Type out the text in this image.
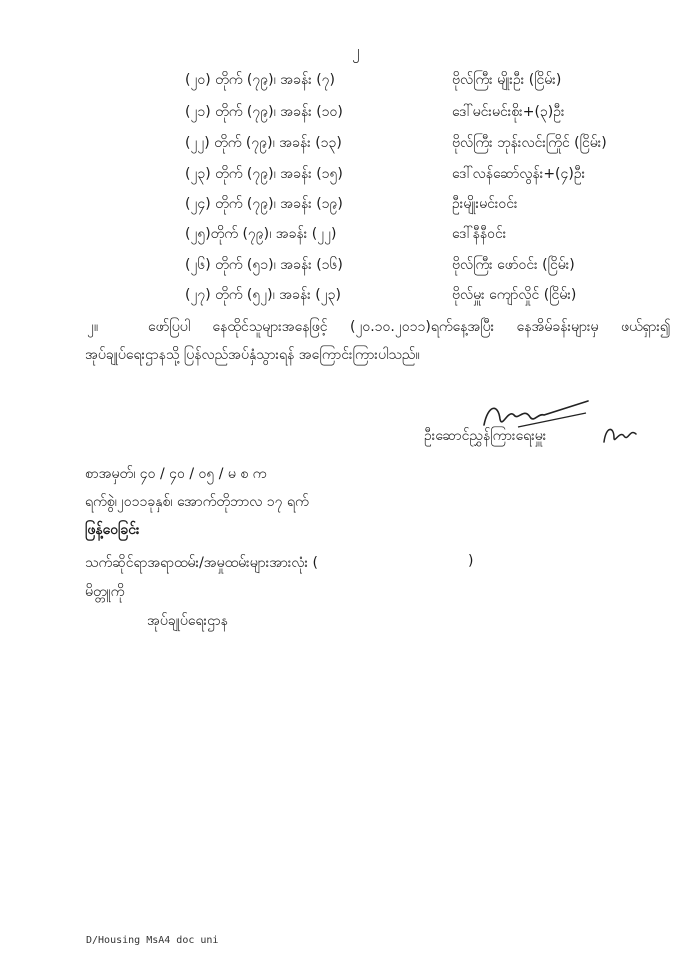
၂
(၂၀) တိုက် (၇၉)၊ အခန်း (၇)	ဗိုလ်ကြီး မျိုးဦး (ငြိမ်း)
(၂၁) တိုက် (၇၉)၊ အခန်း (၁၀)	ဒေါ်မင်းမင်းစိုး+(၃)ဦး
(၂၂) တိုက် (၇၉)၊ အခန်း (၁၃)	ဗိုလ်ကြီး ဘုန်းလင်းကြိုင် (ငြိမ်း)
(၂၃) တိုက် (၇၉)၊ အခန်း (၁၅)	ဒေါ်လန်ဆော်လွန်း+(၄)ဦး
(၂၄) တိုက် (၇၉)၊ အခန်း (၁၉)	ဦးမျိုးမင်းဝင်း
(၂၅)တိုက် (၇၉)၊ အခန်း (၂၂)	ဒေါ်နီနီဝင်း
(၂၆) တိုက် (၅၁)၊ အခန်း (၁၆)	ဗိုလ်ကြီး ဖော်ဝင်း (ငြိမ်း)
(၂၇) တိုက် (၅၂)၊ အခန်း (၂၃)	ဗိုလ်မှူး ကျော်လှိုင် (ငြိမ်း)
၂။	ဖော်ပြပါ နေထိုင်သူများအနေဖြင့် (၂၀.၁၀.၂၀၁၁)ရက်နေ့အပြီး နေအိမ်ခန်းများမှ ဖယ်ရှား၍
အုပ်ချုပ်ရေးဌာနသို့ ပြန်လည်အပ်နှံသွားရန် အကြောင်းကြားပါသည်။
ဦးဆောင်ညွှန်ကြားရေးမှူး
စာအမှတ်၊ ၄၀ / ၄၀ / ၀၅ / မ စ က
ရက်စွဲ၊၂၀၁၁ခုနှစ်၊ အောက်တိုဘာလ ၁၇ ရက်
ဖြန့်ဝေခြင်း
သက်ဆိုင်ရာအရာထမ်း/အမှုထမ်းများအားလုံး (	)
မိတ္တူကို
အုပ်ချုပ်ရေးဌာန
D/Housing MsA4 doc uni
